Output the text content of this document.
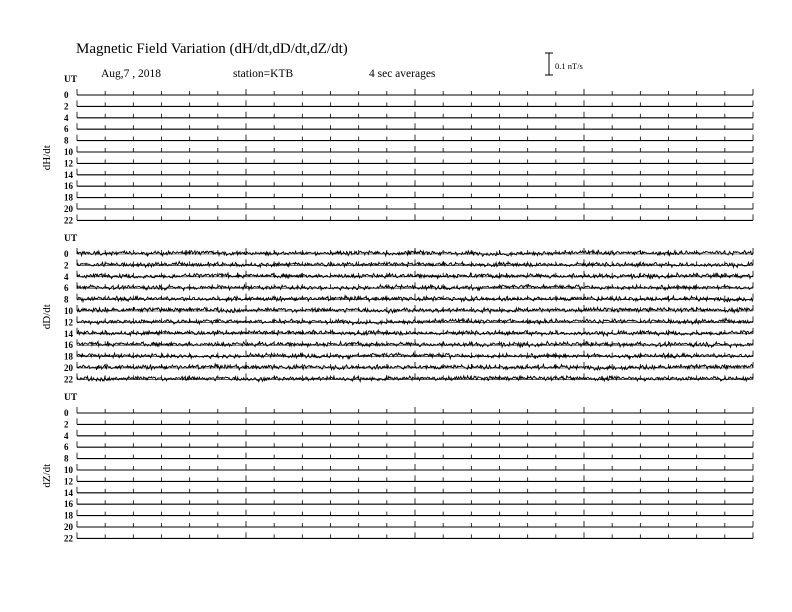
Magnetic Field Variation (dH/dt,dD/dt,dZ/dt)
Aug,7 , 2018	station=KTB	4 sec averages
0.1 nT/s
UT
dH/dt
0
2
4
6
8
10
12
14
16
18
20
22
UT
dD/dt
0
2
4
6
8
10
12
14
16
18
20
22
UT
dZ/dt
0
2
4
6
8
10
12
14
16
18
20
22
